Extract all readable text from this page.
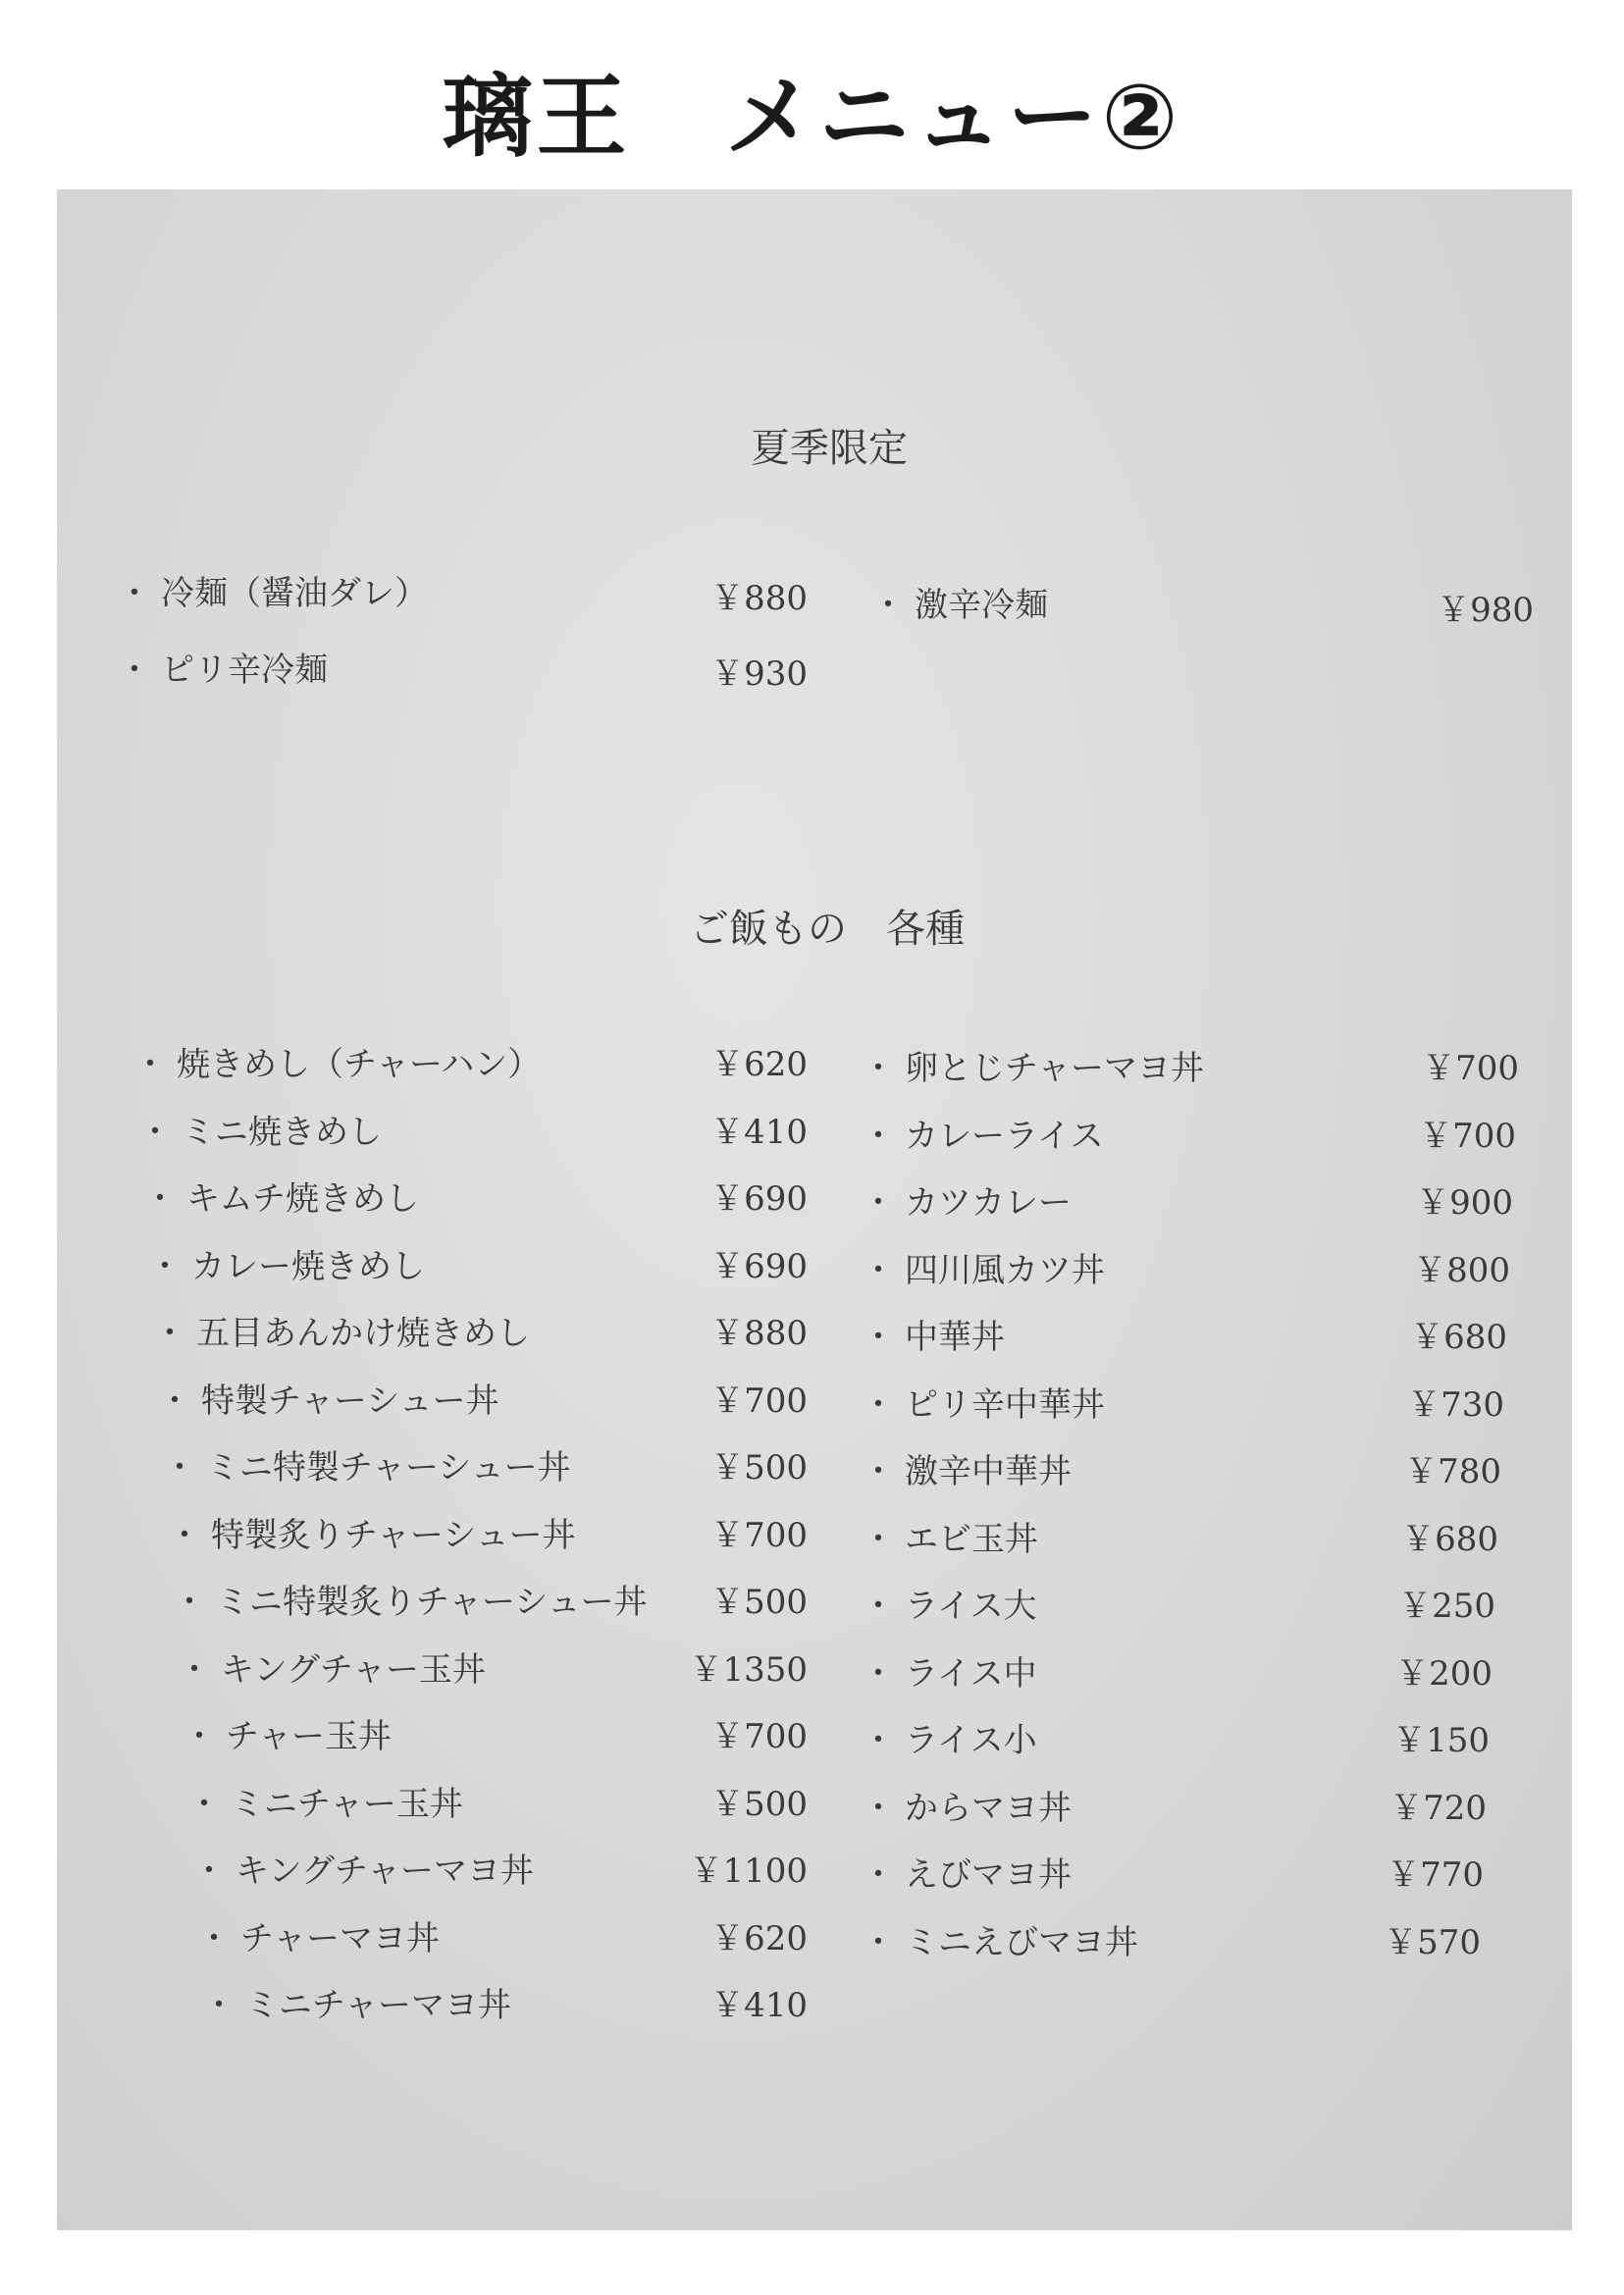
璃王　メニュー②
夏季限定
・ 冷麺（醤油ダレ）	￥880
・ ピリ辛冷麺	￥930
・ 激辛冷麺	￥980
ご飯もの　各種
・ 焼きめし（チャーハン）	￥620
・ ミニ焼きめし	￥410
・ キムチ焼きめし	￥690
・ カレー焼きめし	￥690
・ 五目あんかけ焼きめし	￥880
・ 特製チャーシュー丼	￥700
・ ミニ特製チャーシュー丼	￥500
・ 特製炙りチャーシュー丼	￥700
・ ミニ特製炙りチャーシュー丼	￥500
・ キングチャー玉丼	￥1350
・ チャー玉丼	￥700
・ ミニチャー玉丼	￥500
・ キングチャーマヨ丼	￥1100
・ チャーマヨ丼	￥620
・ ミニチャーマヨ丼	￥410
・ 卵とじチャーマヨ丼	￥700
・ カレーライス	￥700
・ カツカレー	￥900
・ 四川風カツ丼	￥800
・ 中華丼	￥680
・ ピリ辛中華丼	￥730
・ 激辛中華丼	￥780
・ エビ玉丼	￥680
・ ライス大	￥250
・ ライス中	￥200
・ ライス小	￥150
・ からマヨ丼	￥720
・ えびマヨ丼	￥770
・ ミニえびマヨ丼	￥570
